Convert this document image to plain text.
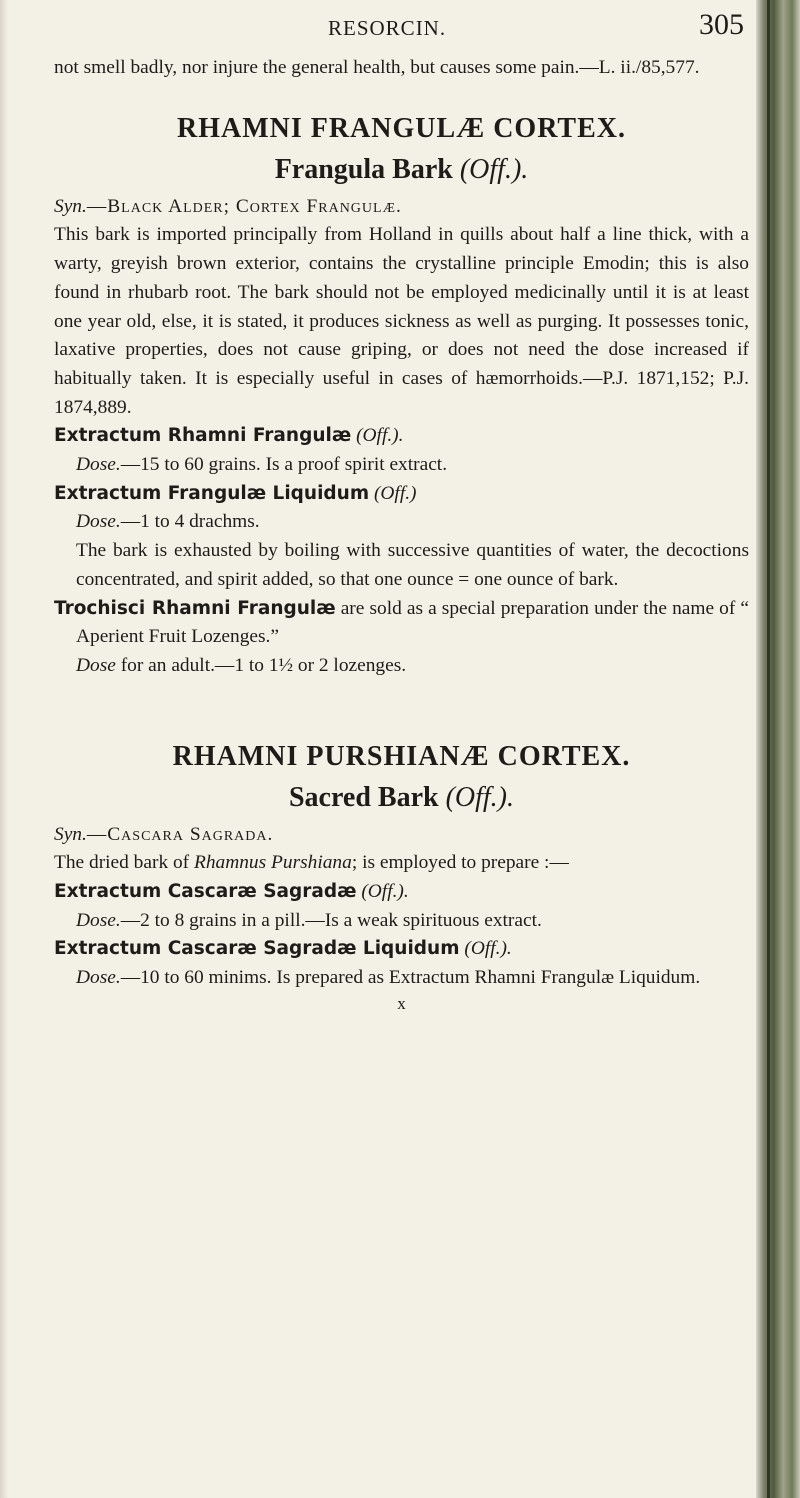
RESORCIN.	305

not smell badly, nor injure the general health, but causes some pain.—L. ii./85,577.

RHAMNI FRANGULÆ CORTEX.
Frangula Bark (Off.).

Syn.—Black Alder; Cortex Frangulæ.

This bark is imported principally from Holland in quills about half a line thick, with a warty, greyish brown exterior, contains the crystalline principle Emodin; this is also found in rhubarb root. The bark should not be employed medicinally until it is at least one year old, else, it is stated, it produces sickness as well as purging. It possesses tonic, laxative properties, does not cause griping, or does not need the dose increased if habitually taken. It is especially useful in cases of hæmorrhoids.—P.J. 1871,152; P.J. 1874,889.

Extractum Rhamni Frangulæ (Off.).

Dose.—15 to 60 grains. Is a proof spirit extract.

Extractum Frangulæ Liquidum (Off.)

Dose.—1 to 4 drachms.

The bark is exhausted by boiling with successive quantities of water, the decoctions concentrated, and spirit added, so that one ounce = one ounce of bark.

Trochisci Rhamni Frangulæ are sold as a special preparation under the name of “ Aperient Fruit Lozenges.”

Dose for an adult.—1 to 1½ or 2 lozenges.

RHAMNI PURSHIANÆ CORTEX.
Sacred Bark (Off.).

Syn.—Cascara Sagrada.

The dried bark of Rhamnus Purshiana; is employed to prepare :—

Extractum Cascaræ Sagradæ (Off.).

Dose.—2 to 8 grains in a pill.—Is a weak spirituous extract.

Extractum Cascaræ Sagradæ Liquidum (Off.).

Dose.—10 to 60 minims. Is prepared as Extractum Rhamni Frangulæ Liquidum.

x
